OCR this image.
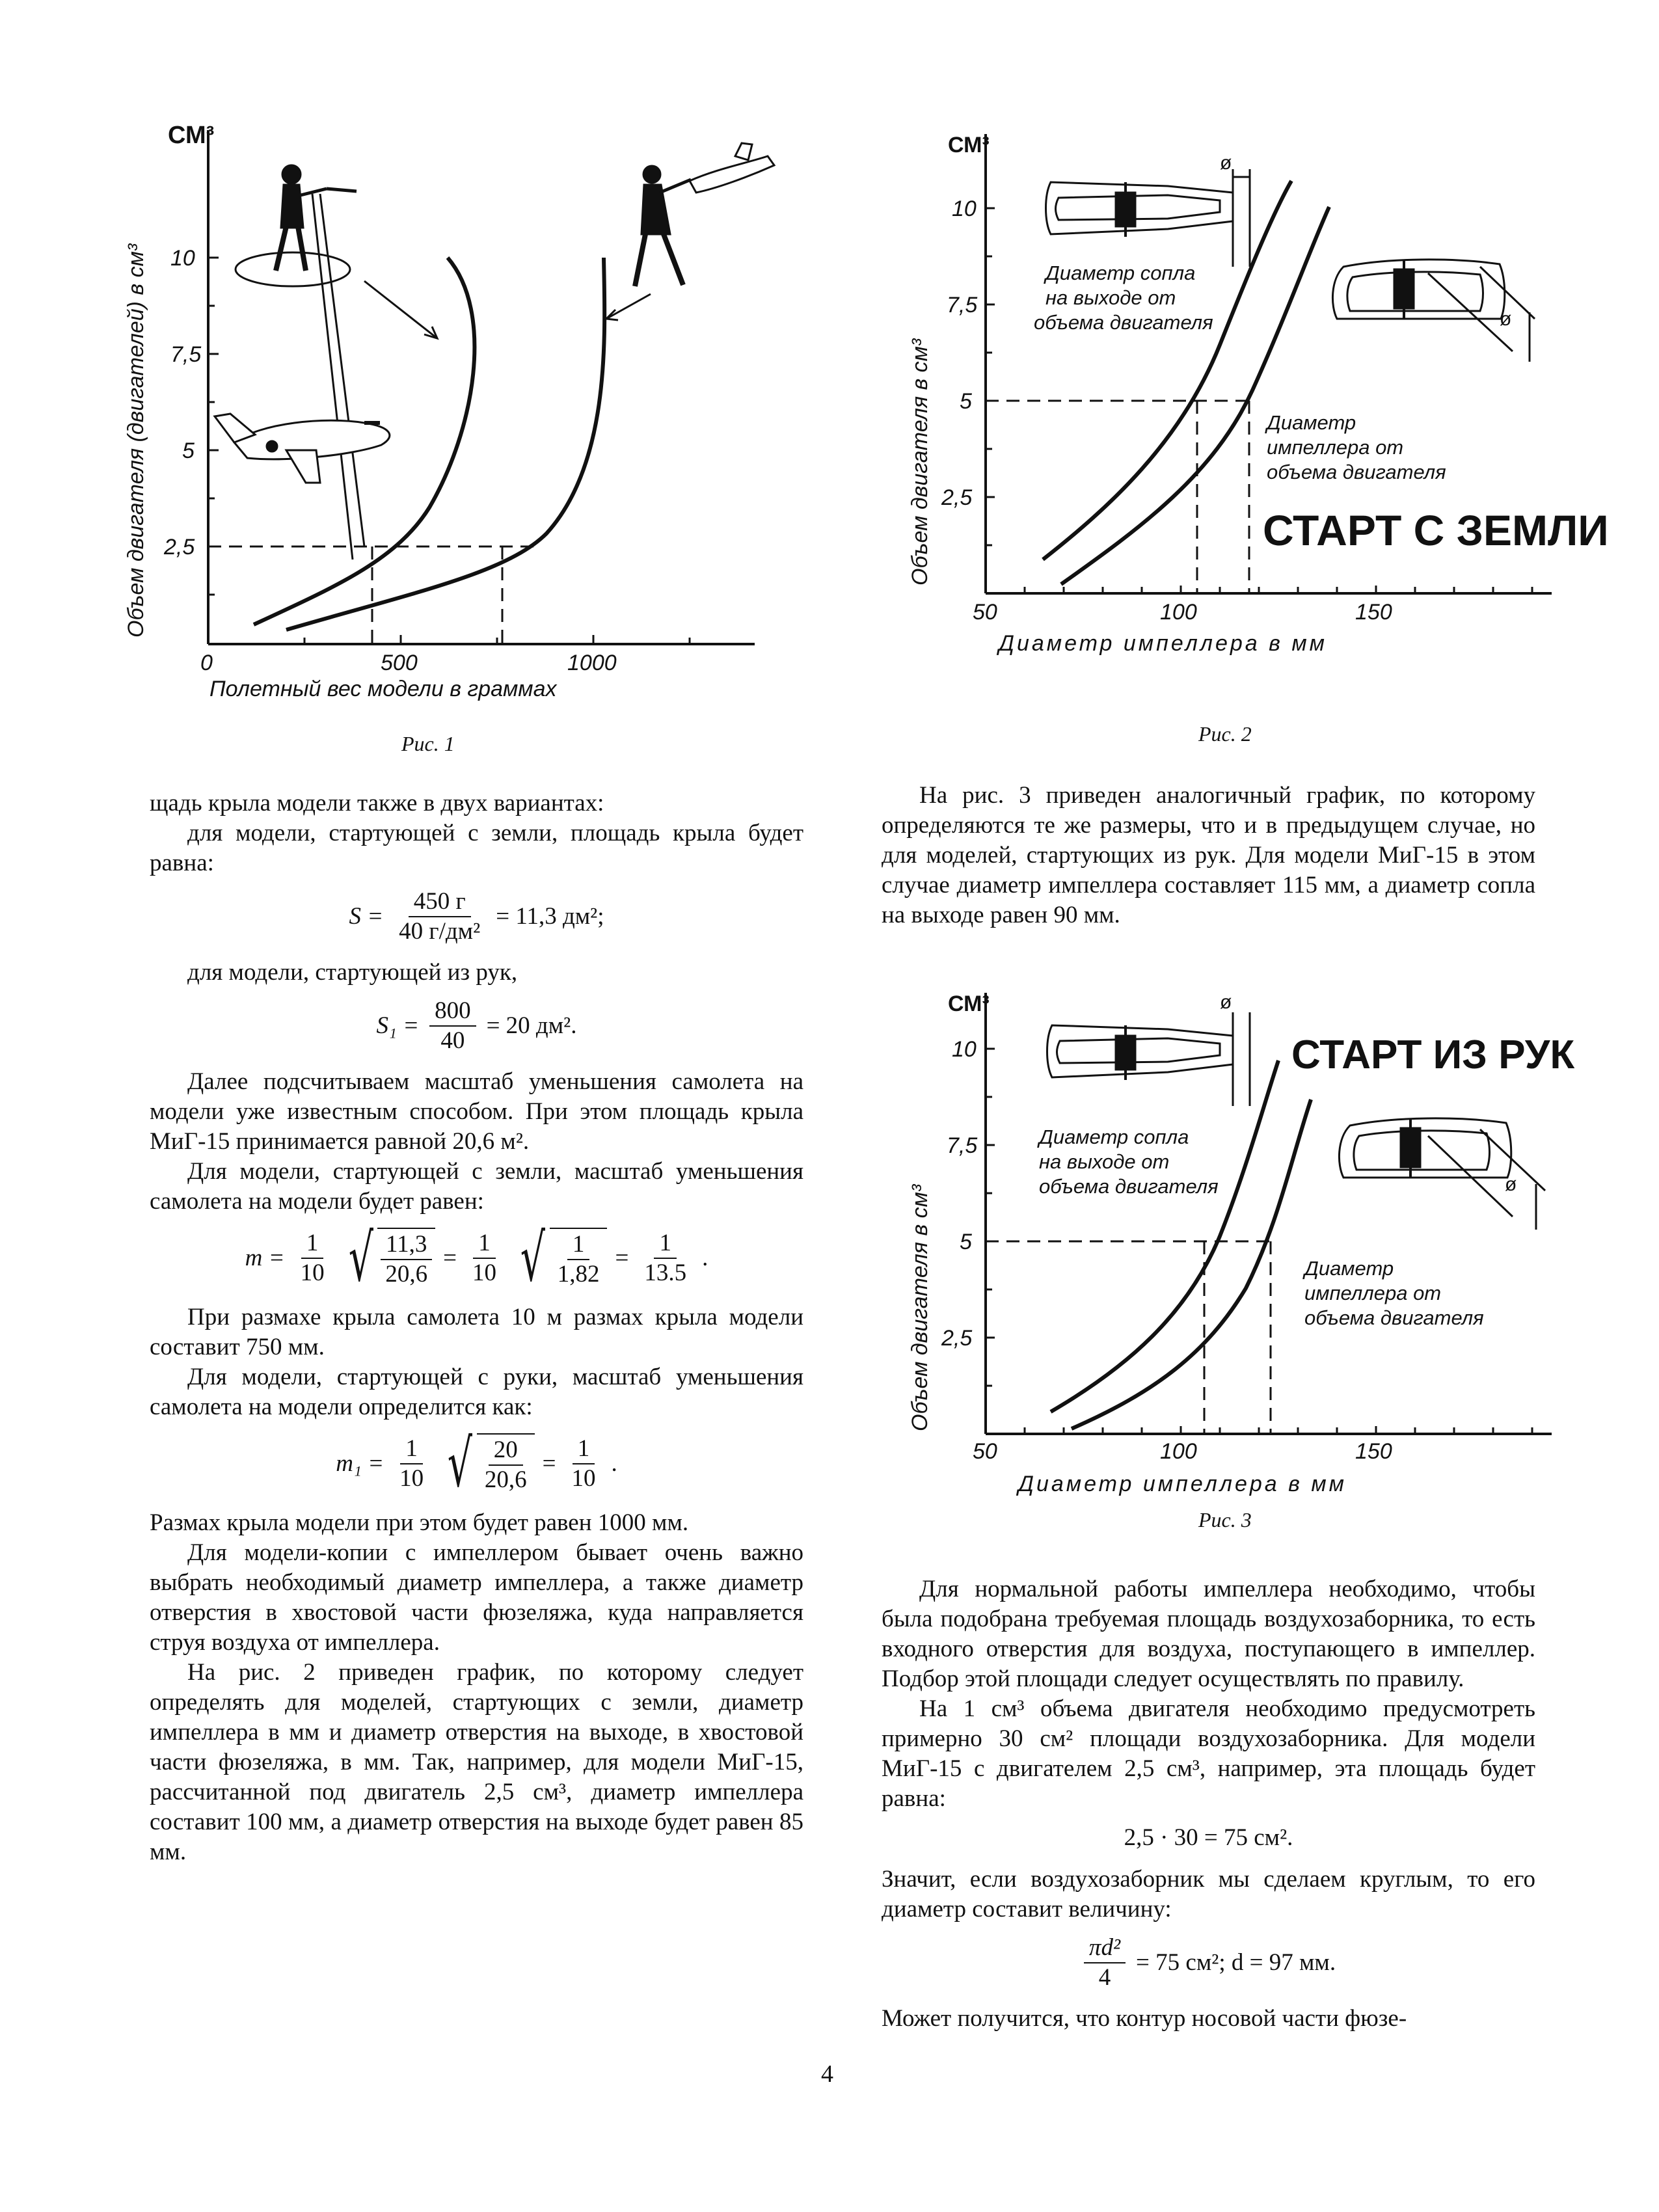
СМ³
10
7,5
5
2,5
0	500	1000
Полетный вес модели в граммах
Объем двигателя (двигателей) в см³
Рис. 1
СМ³
10
7,5
5
2,5
50	100	150
Диаметр импеллера в мм
Объем двигателя в см³
ø
ø
Диаметр сопла
на выходе от
объема двигателя
Диаметр
импеллера от
объема двигателя
СТАРТ С ЗЕМЛИ
Рис. 2

щадь крыла модели также в двух вариантах:

для модели, стартующей с земли, площадь крыла будет равна:

$S = \frac{450 г}{\text{40 г/дм²}} = 11,3$ дм²;

для модели, стартующей из рук,

$S_1 = \frac{800}{40} = 20$ дм².

Далее подсчитываем масштаб уменьшения самолета на модели уже известным способом. При этом площадь крыла МиГ-15 принимается равной 20,6 м².

Для модели, стартующей с земли, масштаб уменьшения самолета на модели будет равен:

$m = \frac{1}{10}$ √ $\frac{11,3}{20,6} = \frac{1}{10}$ √ $\frac{1}{1,82} = \frac{1}{13.5}$ .

При размахе крыла самолета 10 м размах крыла модели составит 750 мм.

Для модели, стартующей с руки, масштаб уменьшения самолета на модели определится как:

$m_1 = \frac{1}{10}$ √ $\frac{20}{20,6} = \frac{1}{10}$ .

Размах крыла модели при этом будет равен 1000 мм.

Для модели-копии с импеллером бывает очень важно выбрать необходимый диаметр импеллера, а также диаметр отверстия в хвостовой части фюзеляжа, куда направляется струя воздуха от импеллера.

На рис. 2 приведен график, по которому следует определять для моделей, стартующих с земли, диаметр импеллера в мм и диаметр отверстия на выходе, в хвостовой части фюзеляжа, в мм. Так, например, для модели МиГ-15, рассчитанной под двигатель 2,5 см³, диаметр импеллера составит 100 мм, а диаметр отверстия на выходе будет равен 85 мм.

На рис. 3 приведен аналогичный график, по которому определяются те же размеры, что и в предыдущем случае, но для моделей, стартующих из рук. Для модели МиГ-15 в этом случае диаметр импеллера составляет 115 мм, а диаметр сопла на выходе равен 90 мм.

СМ³
10
7,5
5
2,5
50	100	150
Диаметр импеллера в мм
Объем двигателя в см³
ø
ø
СТАРТ ИЗ РУК
Диаметр сопла
на выходе от
объема двигателя
Диаметр
импеллера от
объема двигателя
Рис. 3

Для нормальной работы импеллера необходимо, чтобы была подобрана требуемая площадь воздухозаборника, то есть входного отверстия для воздуха, поступающего в импеллер. Подбор этой площади следует осуществлять по правилу.

На 1 см³ объема двигателя необходимо предусмотреть примерно 30 см² площади воздухозаборника. Для модели МиГ-15 с двигателем 2,5 см³, например, эта площадь будет равна:

2,5 · 30 = 75 см².

Значит, если воздухозаборник мы сделаем круглым, то его диаметр составит величину:

$\frac{\text{πd²}}{4} = 75$ см²; d = 97 мм.

Может получится, что контур носовой части фюзе-

4
